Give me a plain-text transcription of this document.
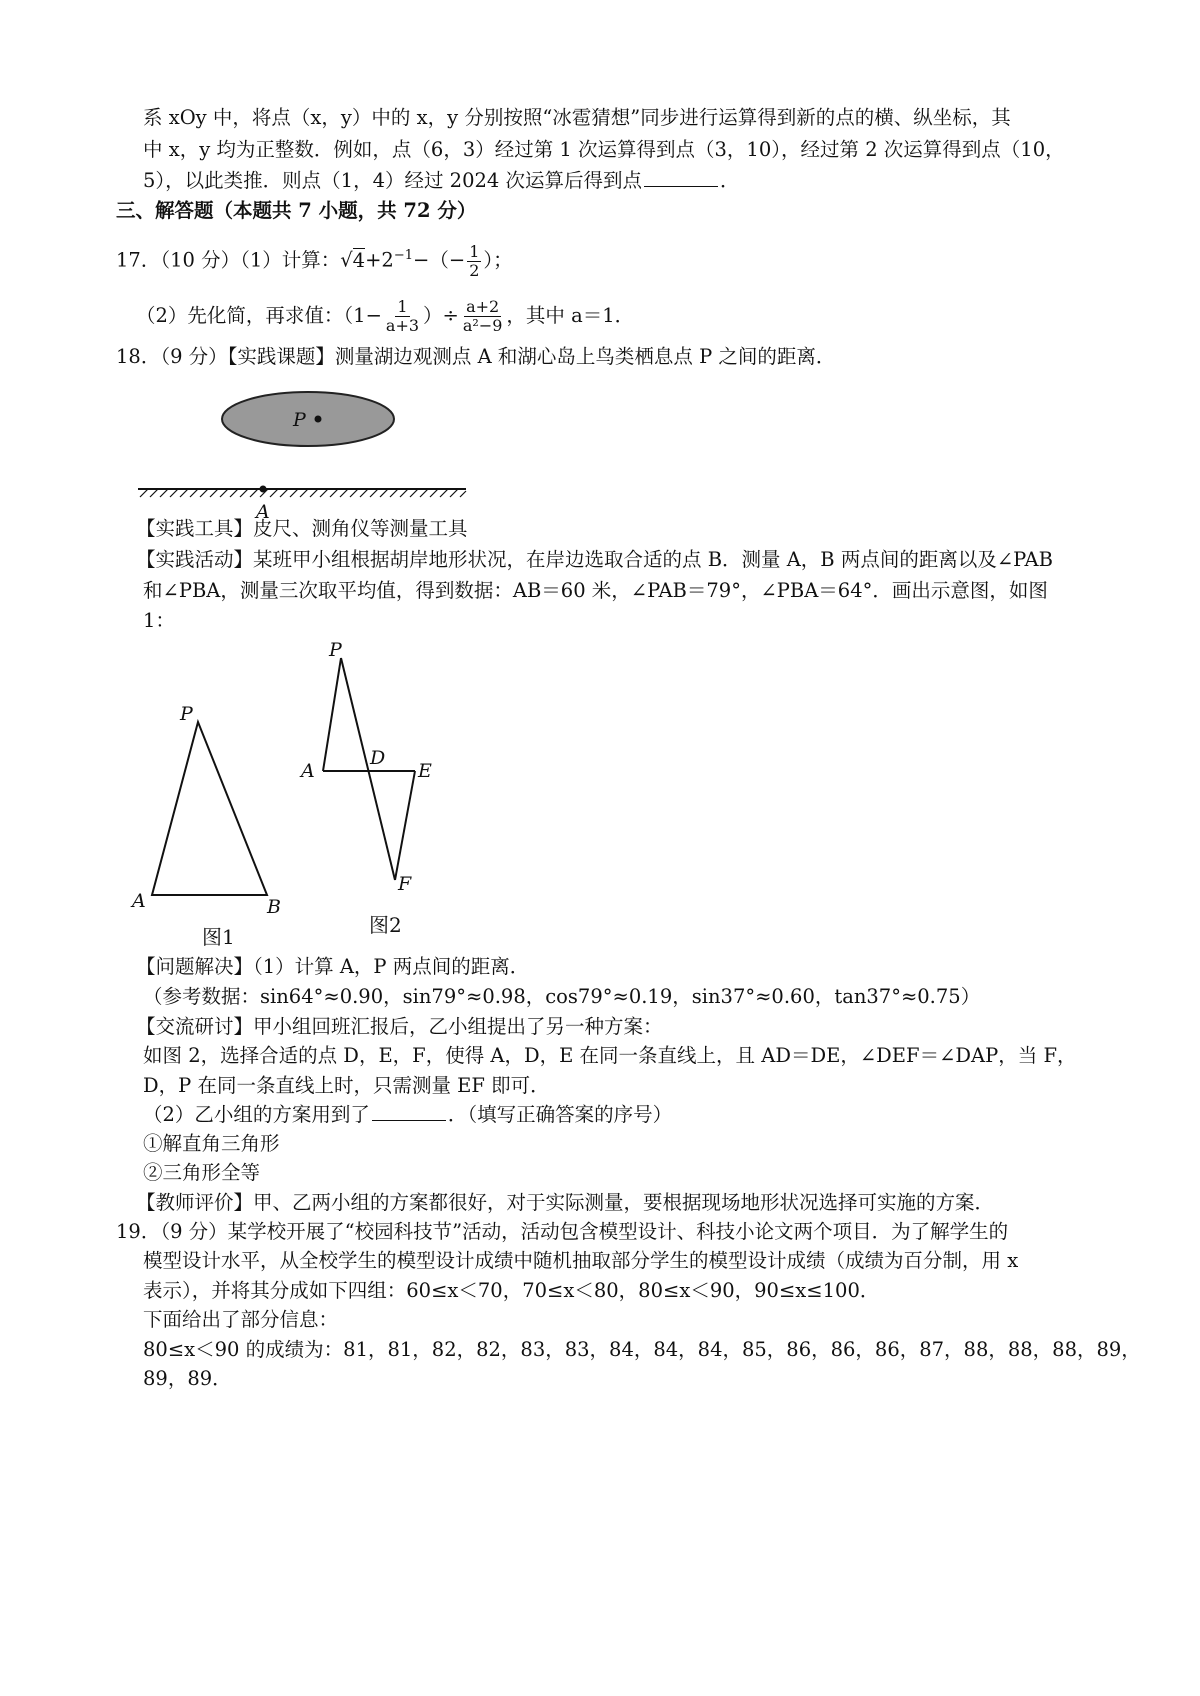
系 xOy 中，将点（x，y）中的 x，y 分别按照“冰雹猜想”同步进行运算得到新的点的横、纵坐标，其
中 x，y 均为正整数．例如，点（6，3）经过第 1 次运算得到点（3，10），经过第 2 次运算得到点（10，
5），以此类推．则点（1，4）经过 2024 次运算后得到点	．
三、解答题（本题共 7 小题，共 72 分）
17．（10 分）（1）计算：$√4+2^{-1}-(- \frac{1}{2}$ ）；
（2）先化简，再求值：（$1- \frac{1}{a+3}$ ）÷ $\frac{a+2}{\text{a²−9}}$ ，其中 a＝1．
18．（9 分）【实践课题】测量湖边观测点 A 和湖心岛上鸟类栖息点 P 之间的距离．
P
A
【实践工具】皮尺、测角仪等测量工具
【实践活动】某班甲小组根据胡岸地形状况，在岸边选取合适的点 B．测量 A，B 两点间的距离以及∠PAB
和∠PBA，测量三次取平均值，得到数据：AB＝60 米，∠PAB＝79°，∠PBA＝64°．画出示意图，如图
1：
P
A	B
图1
P
A
D
E
F
图2
【问题解决】（1）计算 A，P 两点间的距离．
（参考数据：sin64°≈0.90，sin79°≈0.98，cos79°≈0.19，sin37°≈0.60，tan37°≈0.75）
【交流研讨】甲小组回班汇报后，乙小组提出了另一种方案：
如图 2，选择合适的点 D，E，F，使得 A，D，E 在同一条直线上，且 AD＝DE，∠DEF＝∠DAP，当 F，
D，P 在同一条直线上时，只需测量 EF 即可．
（2）乙小组的方案用到了	．（填写正确答案的序号）
①解直角三角形
②三角形全等
【教师评价】甲、乙两小组的方案都很好，对于实际测量，要根据现场地形状况选择可实施的方案．
19．（9 分）某学校开展了“校园科技节”活动，活动包含模型设计、科技小论文两个项目．为了解学生的
模型设计水平，从全校学生的模型设计成绩中随机抽取部分学生的模型设计成绩（成绩为百分制，用 x
表示），并将其分成如下四组：60≤x＜70，70≤x＜80，80≤x＜90，90≤x≤100．
下面给出了部分信息：
80≤x＜90 的成绩为：81，81，82，82，83，83，84，84，84，85，86，86，86，87，88，88，88，89，
89，89．
